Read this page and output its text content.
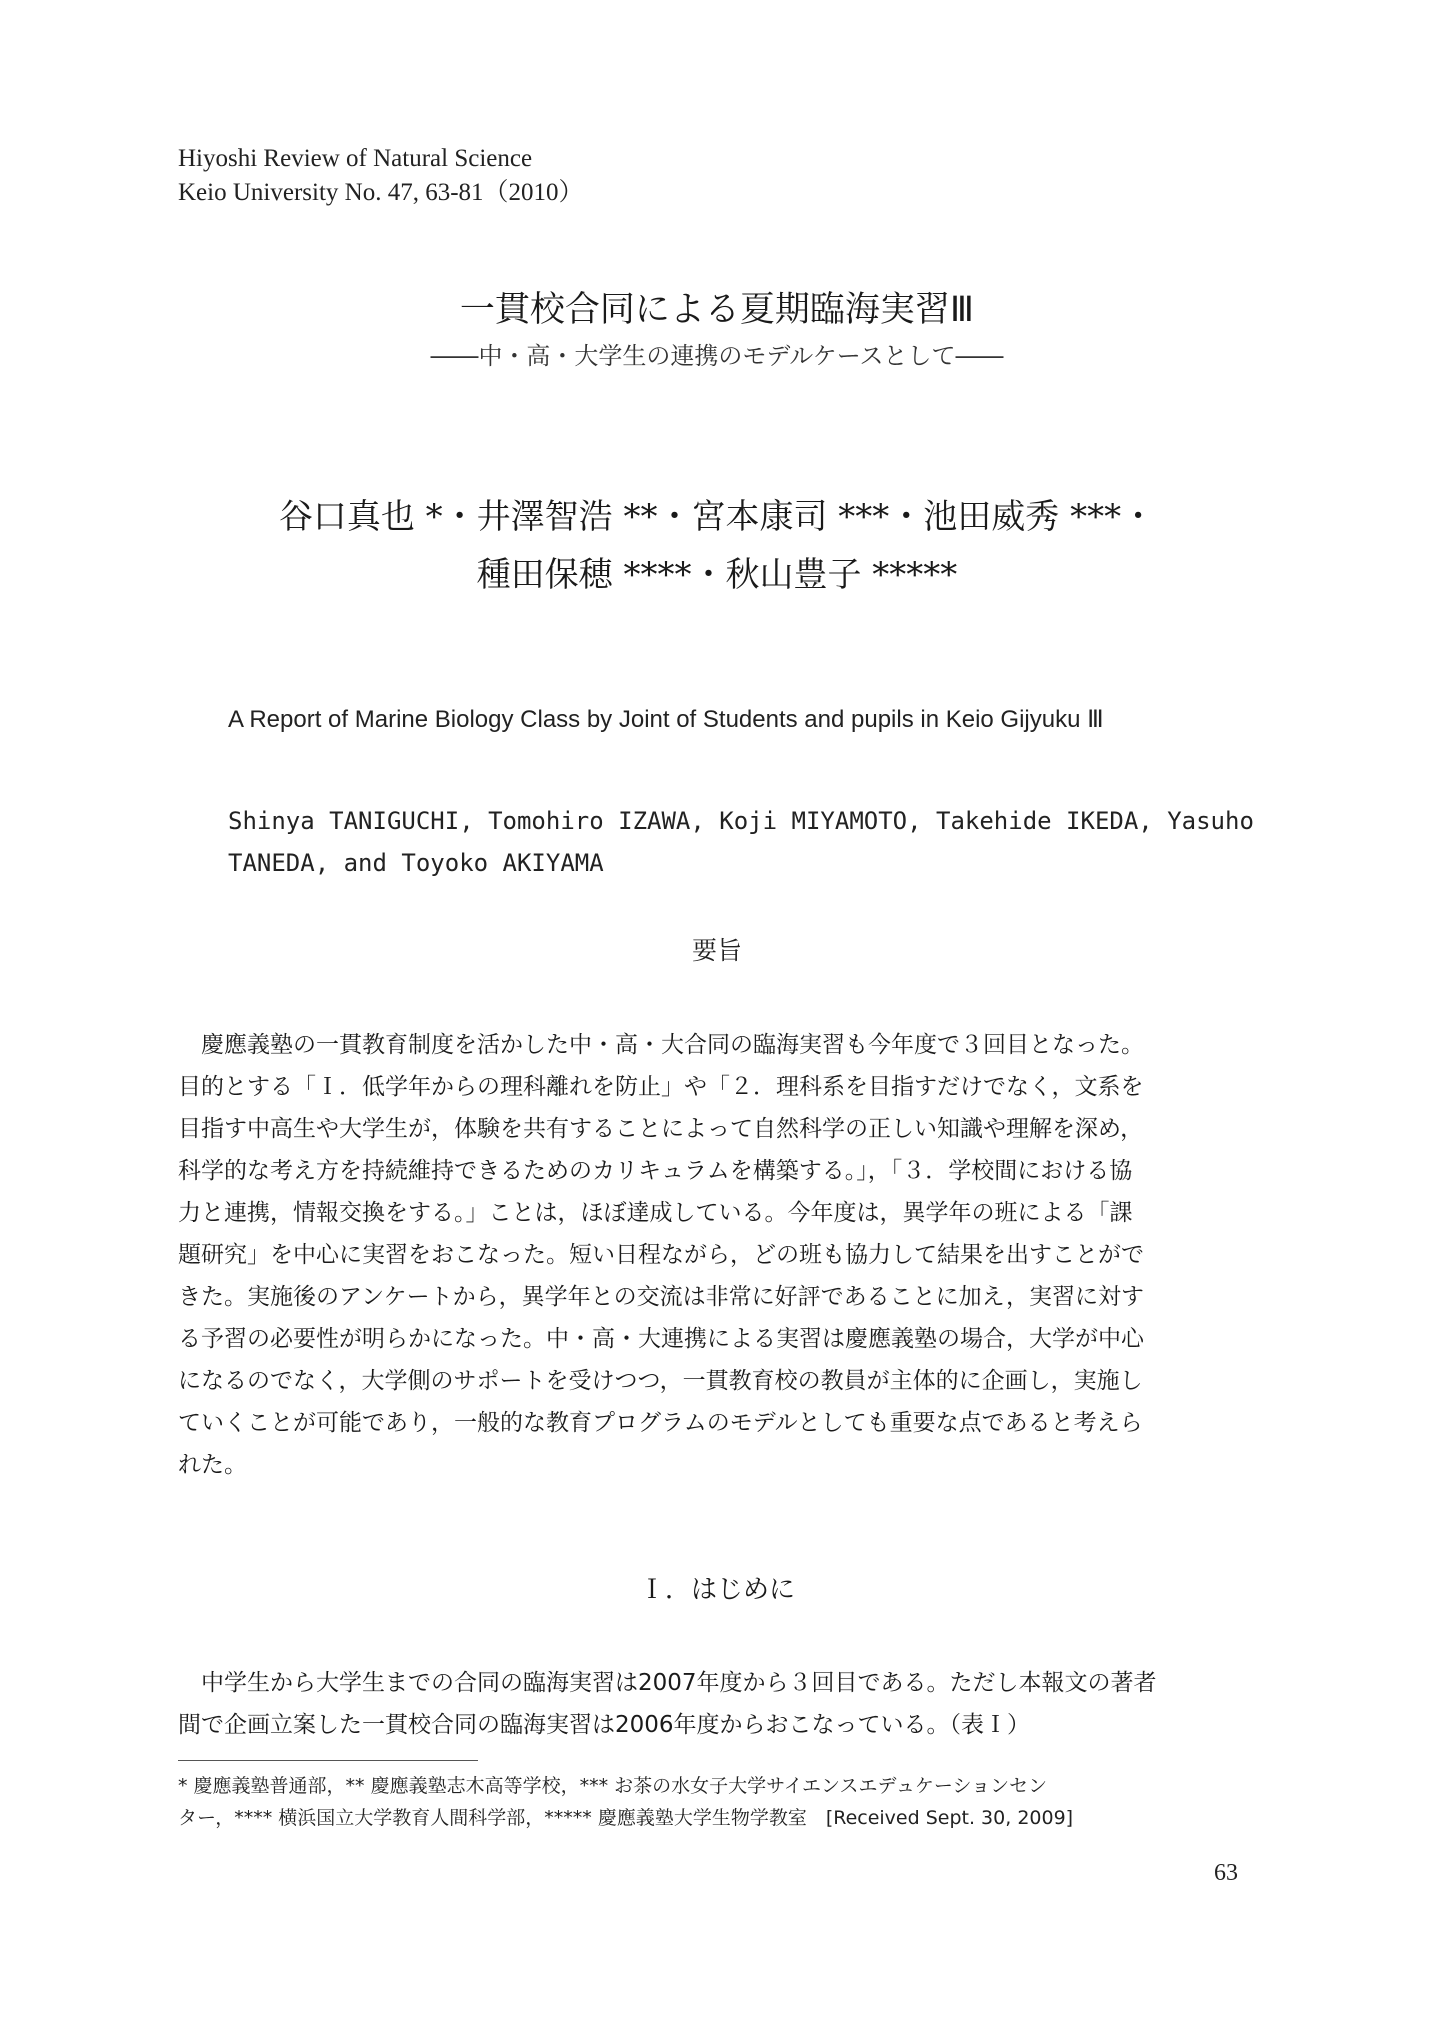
Hiyoshi Review of Natural Science
Keio University No. 47, 63-81（2010）
一貫校合同による夏期臨海実習Ⅲ
――中・高・大学生の連携のモデルケースとして――
谷口真也 *・井澤智浩 **・宮本康司 ***・池田威秀 ***・
種田保穂 ****・秋山豊子 *****
A Report of Marine Biology Class by Joint of Students and pupils in Keio Gijyuku Ⅲ
Shinya TANIGUCHI, Tomohiro IZAWA, Koji MIYAMOTO, Takehide IKEDA, Yasuho
TANEDA, and Toyoko AKIYAMA
要旨
　慶應義塾の一貫教育制度を活かした中・高・大合同の臨海実習も今年度で３回目となった。
目的とする「Ｉ．低学年からの理科離れを防止」や「２．理科系を目指すだけでなく，文系を
目指す中高生や大学生が，体験を共有することによって自然科学の正しい知識や理解を深め，
科学的な考え方を持続維持できるためのカリキュラムを構築する。」，「３．学校間における協
力と連携，情報交換をする。」ことは，ほぼ達成している。今年度は，異学年の班による「課
題研究」を中心に実習をおこなった。短い日程ながら，どの班も協力して結果を出すことがで
きた。実施後のアンケートから，異学年との交流は非常に好評であることに加え，実習に対す
る予習の必要性が明らかになった。中・高・大連携による実習は慶應義塾の場合，大学が中心
になるのでなく，大学側のサポートを受けつつ，一貫教育校の教員が主体的に企画し，実施し
ていくことが可能であり，一般的な教育プログラムのモデルとしても重要な点であると考えら
れた。
Ｉ．はじめに
　中学生から大学生までの合同の臨海実習は2007年度から３回目である。ただし本報文の著者
間で企画立案した一貫校合同の臨海実習は2006年度からおこなっている。（表Ｉ）
* 慶應義塾普通部，** 慶應義塾志木高等学校，*** お茶の水女子大学サイエンスエデュケーションセン
ター，**** 横浜国立大学教育人間科学部，***** 慶應義塾大学生物学教室　[Received Sept. 30, 2009]
63
